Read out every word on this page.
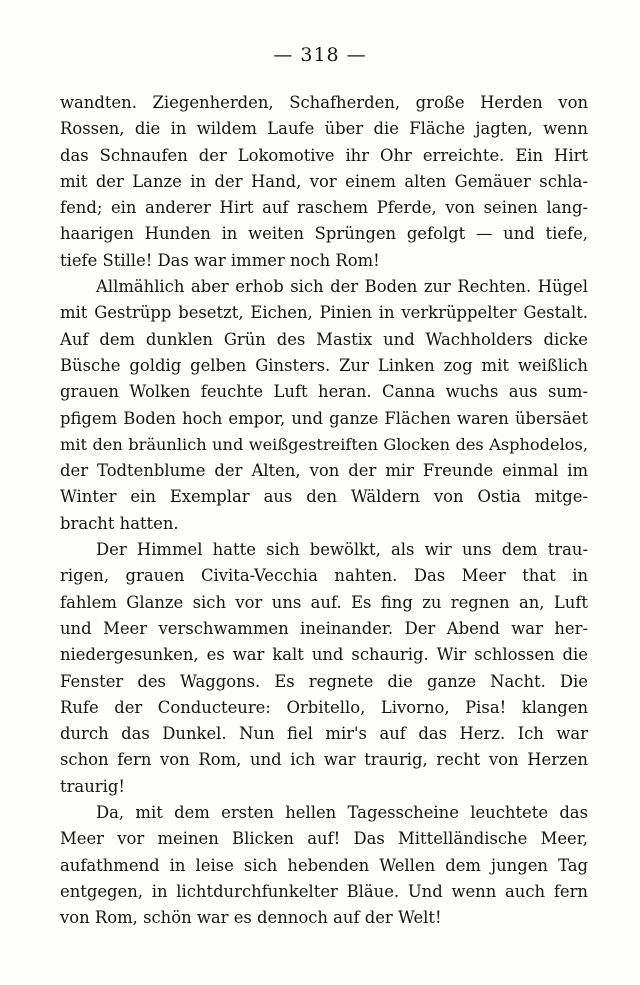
— 318 —
wandten. Ziegenherden, Schafherden, große Herden von
Rossen, die in wildem Laufe über die Fläche jagten, wenn
das Schnaufen der Lokomotive ihr Ohr erreichte. Ein Hirt
mit der Lanze in der Hand, vor einem alten Gemäuer schla-
fend; ein anderer Hirt auf raschem Pferde, von seinen lang-
haarigen Hunden in weiten Sprüngen gefolgt — und tiefe,
tiefe Stille! Das war immer noch Rom!
Allmählich aber erhob sich der Boden zur Rechten. Hügel
mit Gestrüpp besetzt, Eichen, Pinien in verkrüppelter Gestalt.
Auf dem dunklen Grün des Mastix und Wachholders dicke
Büsche goldig gelben Ginsters. Zur Linken zog mit weißlich
grauen Wolken feuchte Luft heran. Canna wuchs aus sum-
pfigem Boden hoch empor, und ganze Flächen waren übersäet
mit den bräunlich und weißgestreiften Glocken des Asphodelos,
der Todtenblume der Alten, von der mir Freunde einmal im
Winter ein Exemplar aus den Wäldern von Ostia mitge-
bracht hatten.
Der Himmel hatte sich bewölkt, als wir uns dem trau-
rigen, grauen Civita-Vecchia nahten. Das Meer that in
fahlem Glanze sich vor uns auf. Es fing zu regnen an, Luft
und Meer verschwammen ineinander. Der Abend war her-
niedergesunken, es war kalt und schaurig. Wir schlossen die
Fenster des Waggons. Es regnete die ganze Nacht. Die
Rufe der Conducteure: Orbitello, Livorno, Pisa! klangen
durch das Dunkel. Nun fiel mir's auf das Herz. Ich war
schon fern von Rom, und ich war traurig, recht von Herzen
traurig!
Da, mit dem ersten hellen Tagesscheine leuchtete das
Meer vor meinen Blicken auf! Das Mittelländische Meer,
aufathmend in leise sich hebenden Wellen dem jungen Tag
entgegen, in lichtdurchfunkelter Bläue. Und wenn auch fern
von Rom, schön war es dennoch auf der Welt!
